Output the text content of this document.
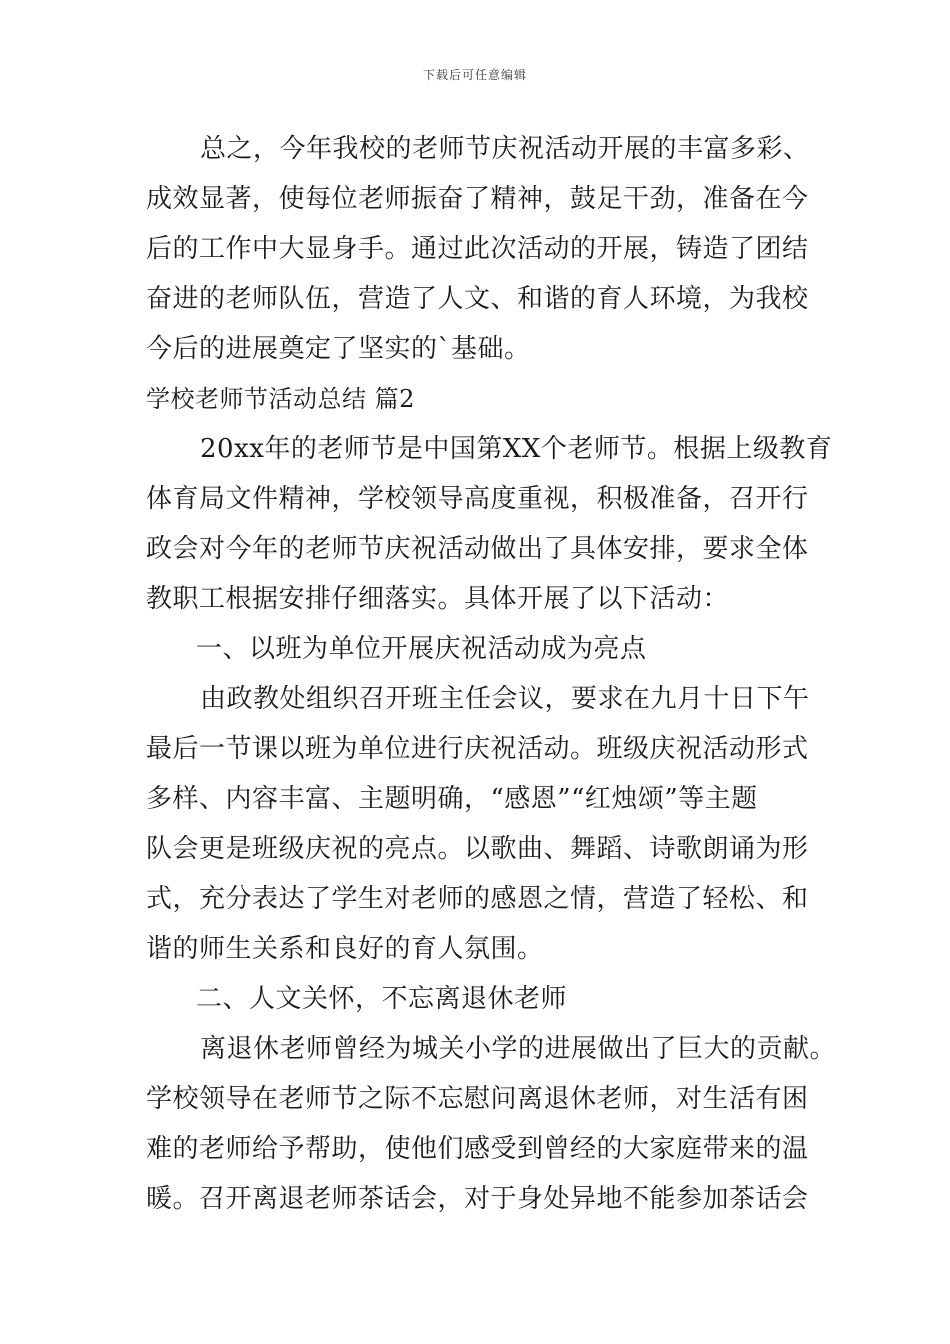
下载后可任意编辑
总之，今年我校的老师节庆祝活动开展的丰富多彩、
成效显著，使每位老师振奋了精神，鼓足干劲，准备在今
后的工作中大显身手。通过此次活动的开展，铸造了团结
奋进的老师队伍，营造了人文、和谐的育人环境，为我校
今后的进展奠定了坚实的`基础。
学校老师节活动总结 篇2
20xx年的老师节是中国第XX个老师节。根据上级教育
体育局文件精神，学校领导高度重视，积极准备，召开行
政会对今年的老师节庆祝活动做出了具体安排，要求全体
教职工根据安排仔细落实。具体开展了以下活动：
一、以班为单位开展庆祝活动成为亮点
由政教处组织召开班主任会议，要求在九月十日下午
最后一节课以班为单位进行庆祝活动。班级庆祝活动形式
多样、内容丰富、主题明确，“感恩”“红烛颂”等主题
队会更是班级庆祝的亮点。以歌曲、舞蹈、诗歌朗诵为形
式，充分表达了学生对老师的感恩之情，营造了轻松、和
谐的师生关系和良好的育人氛围。
二、人文关怀，不忘离退休老师
离退休老师曾经为城关小学的进展做出了巨大的贡献。
学校领导在老师节之际不忘慰问离退休老师，对生活有困
难的老师给予帮助，使他们感受到曾经的大家庭带来的温
暖。召开离退老师茶话会，对于身处异地不能参加茶话会
